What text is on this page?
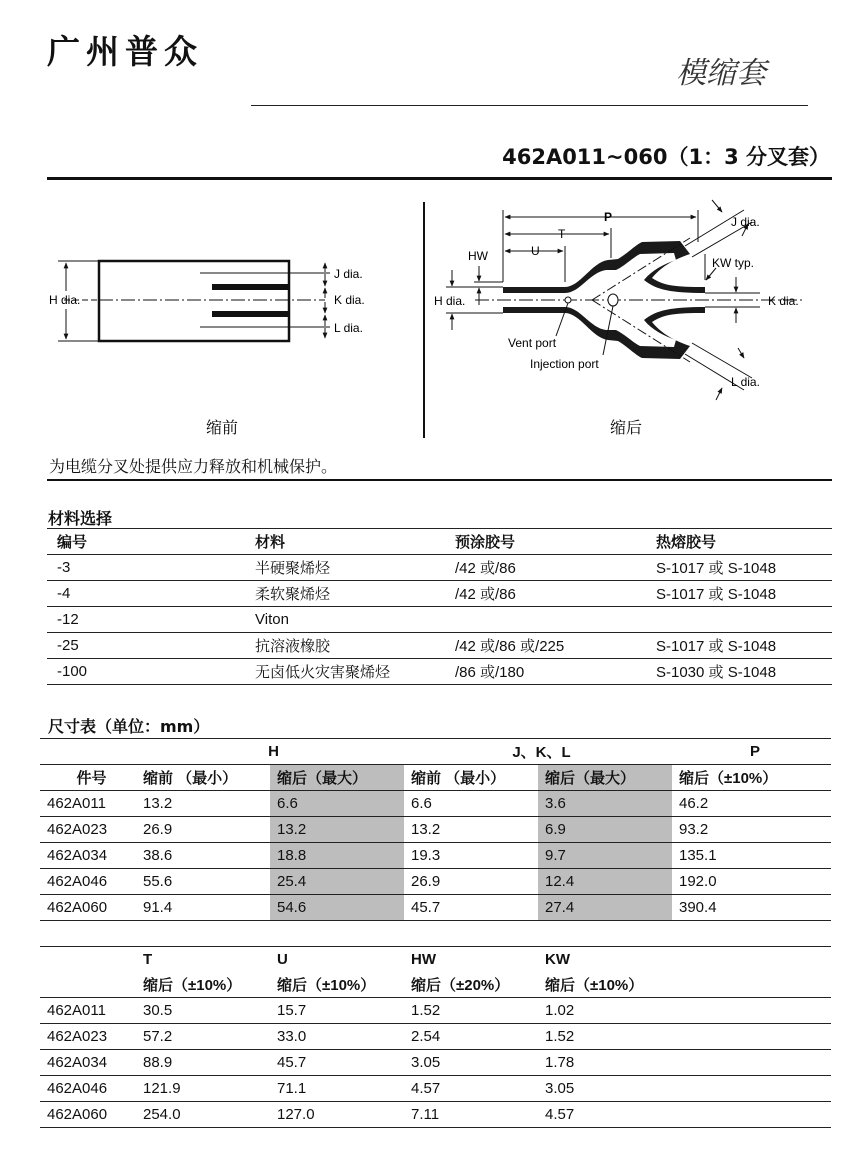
广州普众
模缩套
462A011~060（1：3 分叉套）
H dia.
J dia.
K dia.
L dia.
缩前
P
T
U
HW
H dia.
J dia.
KW typ.
K dia.
L dia.
Vent port
Injection port
缩后
为电缆分叉处提供应力释放和机械保护。
材料选择
编号	材料	预涂胶号	热熔胶号
-3	半硬聚烯烃	/42 或/86	S-1017 或 S-1048
-4	柔软聚烯烃	/42 或/86	S-1017 或 S-1048
-12	Viton		
-25	抗溶液橡胶	/42 或/86 或/225	S-1017 或 S-1048
-100	无卤低火灾害聚烯烃	/86 或/180	S-1030 或 S-1048
尺寸表（单位：mm）
	H		J、K、L		P
件号	缩前 （最小）	缩后（最大）	缩前 （最小）	缩后（最大）	缩后（±10%）
462A011	13.2	6.6	6.6	3.6	46.2
462A023	26.9	13.2	13.2	6.9	93.2
462A034	38.6	18.8	19.3	9.7	135.1
462A046	55.6	25.4	26.9	12.4	192.0
462A060	91.4	54.6	45.7	27.4	390.4
	T	U	HW	KW	
	缩后（±10%）	缩后（±10%）	缩后（±20%）	缩后（±10%）	
462A011	30.5	15.7	1.52	1.02	
462A023	57.2	33.0	2.54	1.52	
462A034	88.9	45.7	3.05	1.78	
462A046	121.9	71.1	4.57	3.05	
462A060	254.0	127.0	7.11	4.57	
